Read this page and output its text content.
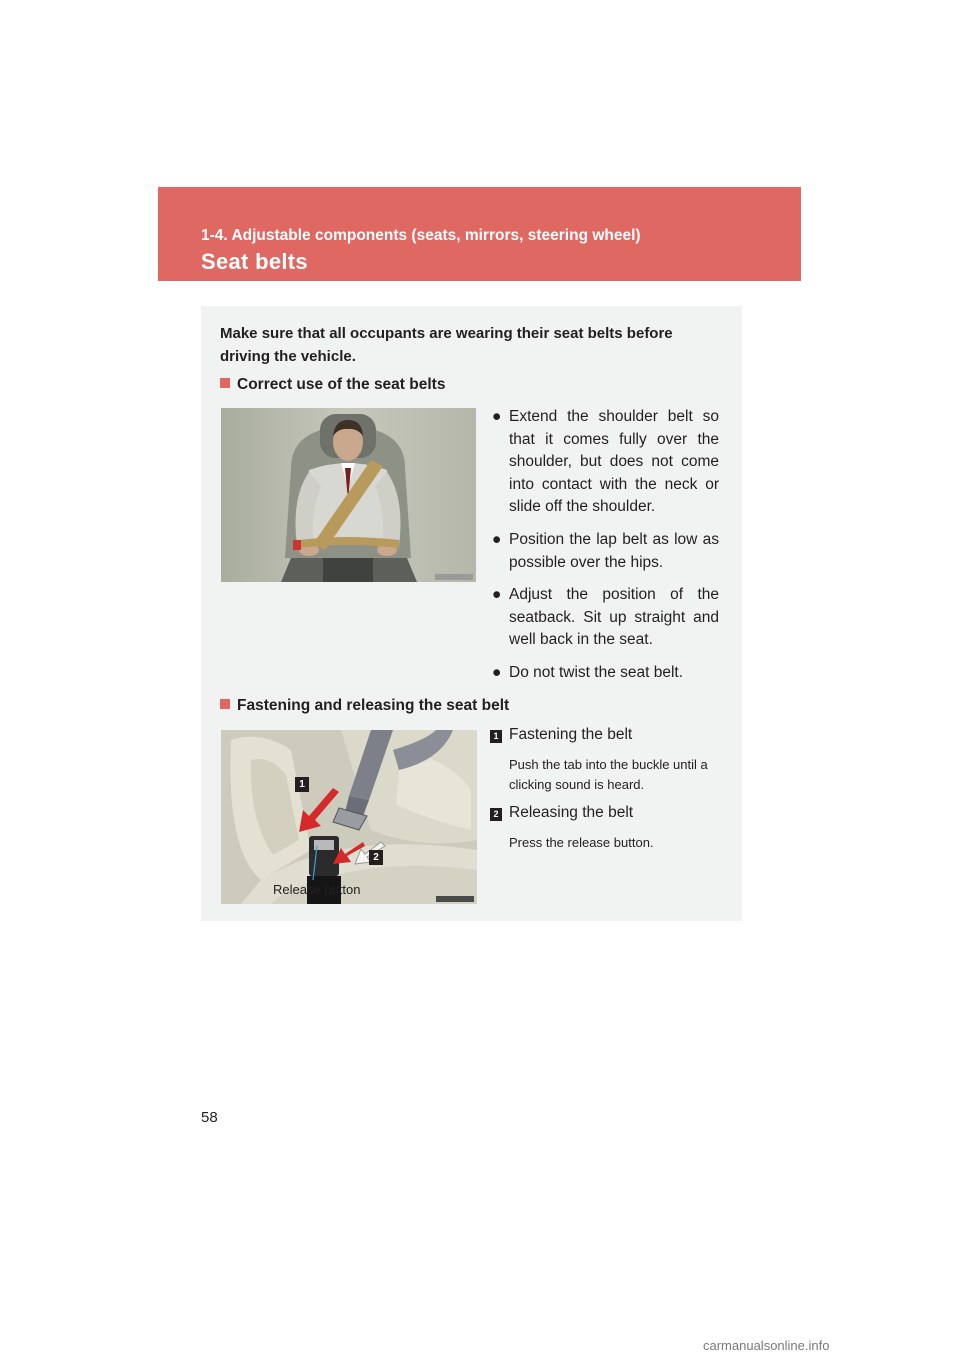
1-4. Adjustable components (seats, mirrors, steering wheel)
Seat belts
Make sure that all occupants are wearing their seat belts before driving the vehicle.
Correct use of the seat belts
● Extend the shoulder belt so that it comes fully over the shoulder, but does not come into contact with the neck or slide off the shoulder.
● Position the lap belt as low as possible over the hips.
● Adjust the position of the seatback. Sit up straight and well back in the seat.
● Do not twist the seat belt.
Fastening and releasing the seat belt
1
2
Release button
1 Fastening the belt
Push the tab into the buckle until a clicking sound is heard.
2 Releasing the belt
Press the release button.
58
carmanualsonline.info
